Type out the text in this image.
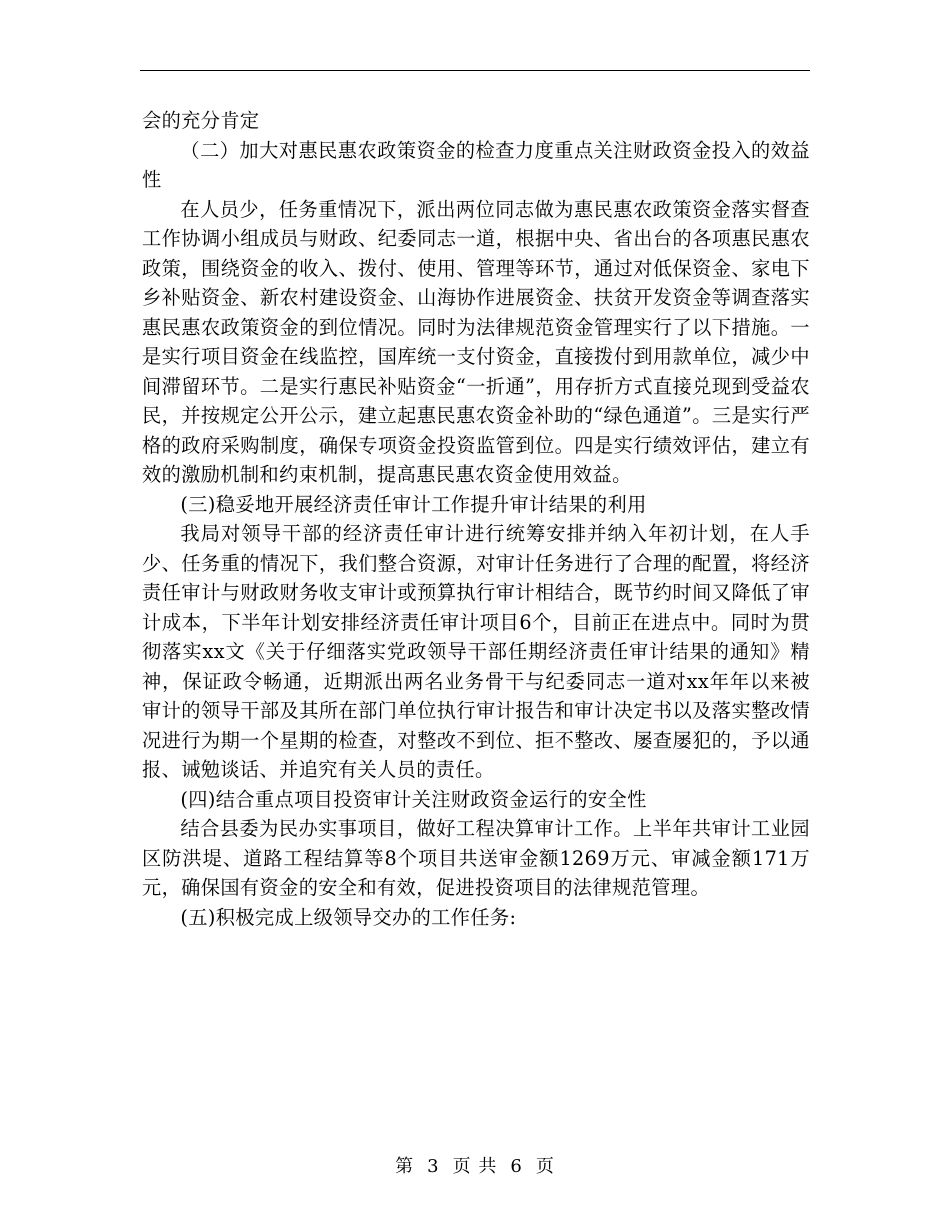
会的充分肯定

（二）加大对惠民惠农政策资金的检查力度重点关注财政资金投入的效益性

在人员少，任务重情况下，派出两位同志做为惠民惠农政策资金落实督查工作协调小组成员与财政、纪委同志一道，根据中央、省出台的各项惠民惠农政策，围绕资金的收入、拨付、使用、管理等环节，通过对低保资金、家电下乡补贴资金、新农村建设资金、山海协作进展资金、扶贫开发资金等调查落实惠民惠农政策资金的到位情况。同时为法律规范资金管理实行了以下措施。一是实行项目资金在线监控，国库统一支付资金，直接拨付到用款单位，减少中间滞留环节。二是实行惠民补贴资金“一折通”，用存折方式直接兑现到受益农民，并按规定公开公示，建立起惠民惠农资金补助的“绿色通道”。三是实行严格的政府采购制度，确保专项资金投资监管到位。四是实行绩效评估，建立有效的激励机制和约束机制，提高惠民惠农资金使用效益。

(三)稳妥地开展经济责任审计工作提升审计结果的利用

我局对领导干部的经济责任审计进行统筹安排并纳入年初计划，在人手少、任务重的情况下，我们整合资源，对审计任务进行了合理的配置，将经济责任审计与财政财务收支审计或预算执行审计相结合，既节约时间又降低了审计成本，下半年计划安排经济责任审计项目6个，目前正在进点中。同时为贯彻落实xx文《关于仔细落实党政领导干部任期经济责任审计结果的通知》精神，保证政令畅通，近期派出两名业务骨干与纪委同志一道对xx年年以来被审计的领导干部及其所在部门单位执行审计报告和审计决定书以及落实整改情况进行为期一个星期的检查，对整改不到位、拒不整改、屡查屡犯的，予以通报、诫勉谈话、并追究有关人员的责任。

(四)结合重点项目投资审计关注财政资金运行的安全性

结合县委为民办实事项目，做好工程决算审计工作。上半年共审计工业园区防洪堤、道路工程结算等8个项目共送审金额1269万元、审减金额171万元，确保国有资金的安全和有效，促进投资项目的法律规范管理。

(五)积极完成上级领导交办的工作任务:

第 3 页 共 6 页
